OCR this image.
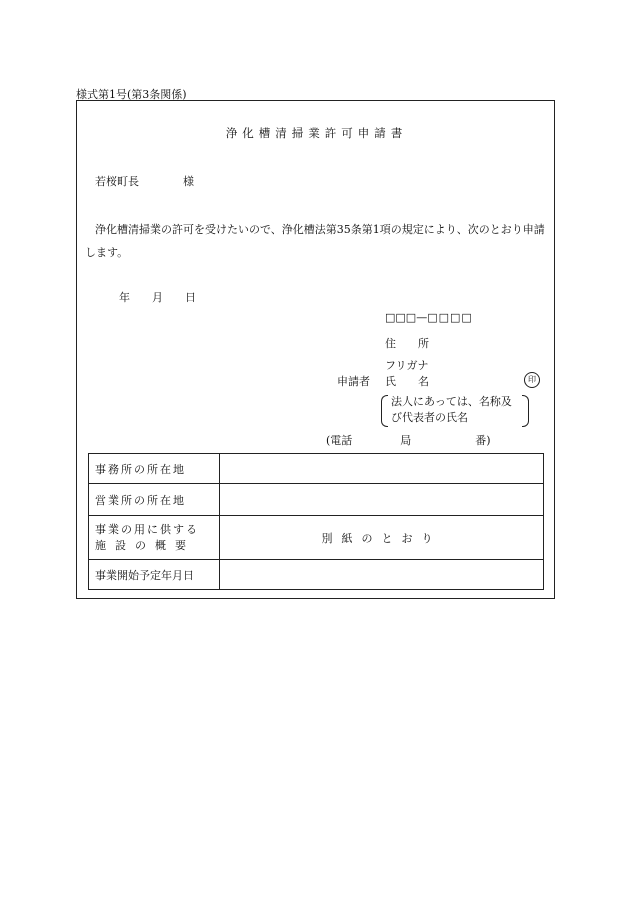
様式第1号(第3条関係)
浄化槽清掃業許可申請書
若桜町長	様
浄化槽清掃業の許可を受けたいので、浄化槽法第35条第1項の規定により、次のとおり申請します。
年 月 日
□□□—□□□□
住 所
フリガナ
申請者 氏 名	印
法人にあっては、名称及び代表者の氏名
(電話	局	番)
事務所の所在地	
営業所の所在地	

事業の用に供する
施設の概要	別紙のとおり
事業開始予定年月日	
